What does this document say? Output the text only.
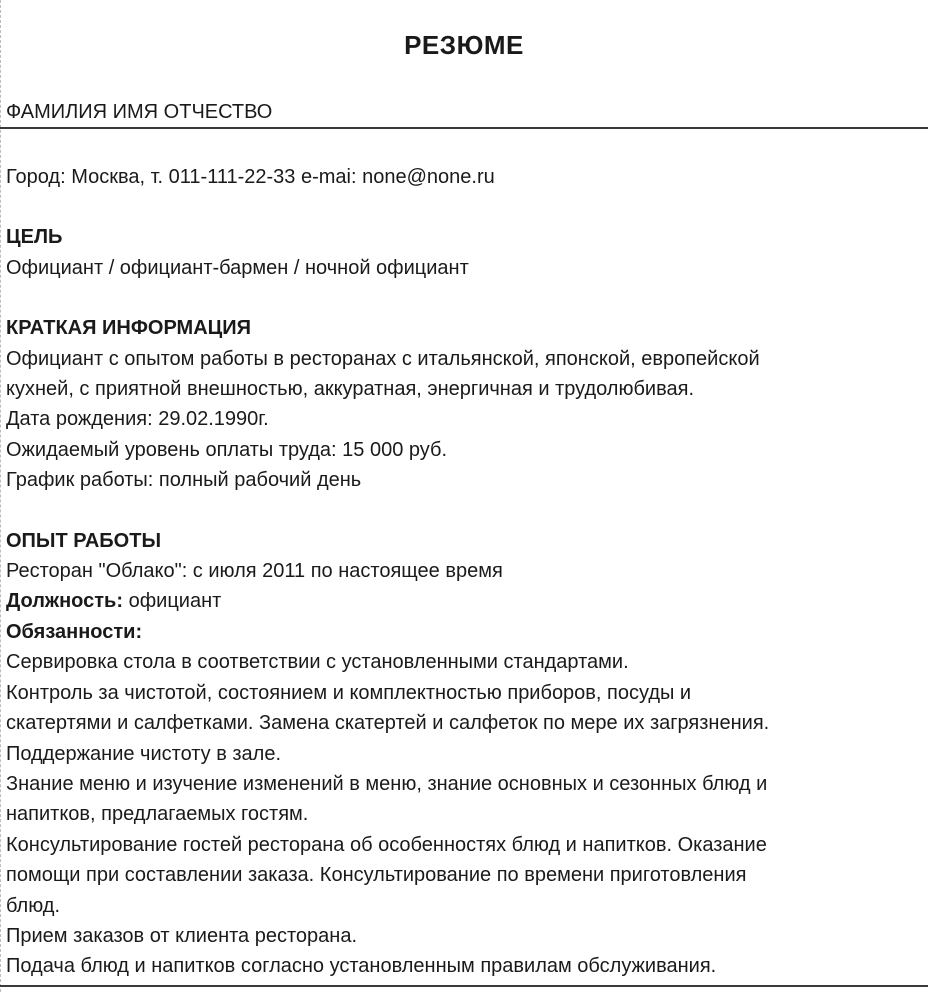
РЕЗЮМЕ
ФАМИЛИЯ ИМЯ ОТЧЕСТВО

Город: Москва, т. 011-111-22-33 e-mai: none@none.ru

ЦЕЛЬ

Официант / официант-бармен / ночной официант

КРАТКАЯ ИНФОРМАЦИЯ

Официант с опытом работы в ресторанах с итальянской, японской, европейской

кухней, с приятной внешностью, аккуратная, энергичная и трудолюбивая.

Дата рождения: 29.02.1990г.

Ожидаемый уровень оплаты труда: 15 000 руб.

График работы: полный рабочий день

ОПЫТ РАБОТЫ

Ресторан "Облако": с июля 2011 по настоящее время

Должность: официант

Обязанности:

Сервировка стола в соответствии с установленными стандартами.

Контроль за чистотой, состоянием и комплектностью приборов, посуды и

скатертями и салфетками. Замена скатертей и салфеток по мере их загрязнения.

Поддержание чистоту в зале.

Знание меню и изучение изменений в меню, знание основных и сезонных блюд и

напитков, предлагаемых гостям.

Консультирование гостей ресторана об особенностях блюд и напитков. Оказание

помощи при составлении заказа. Консультирование по времени приготовления

блюд.

Прием заказов от клиента ресторана.

Подача блюд и напитков согласно установленным правилам обслуживания.
